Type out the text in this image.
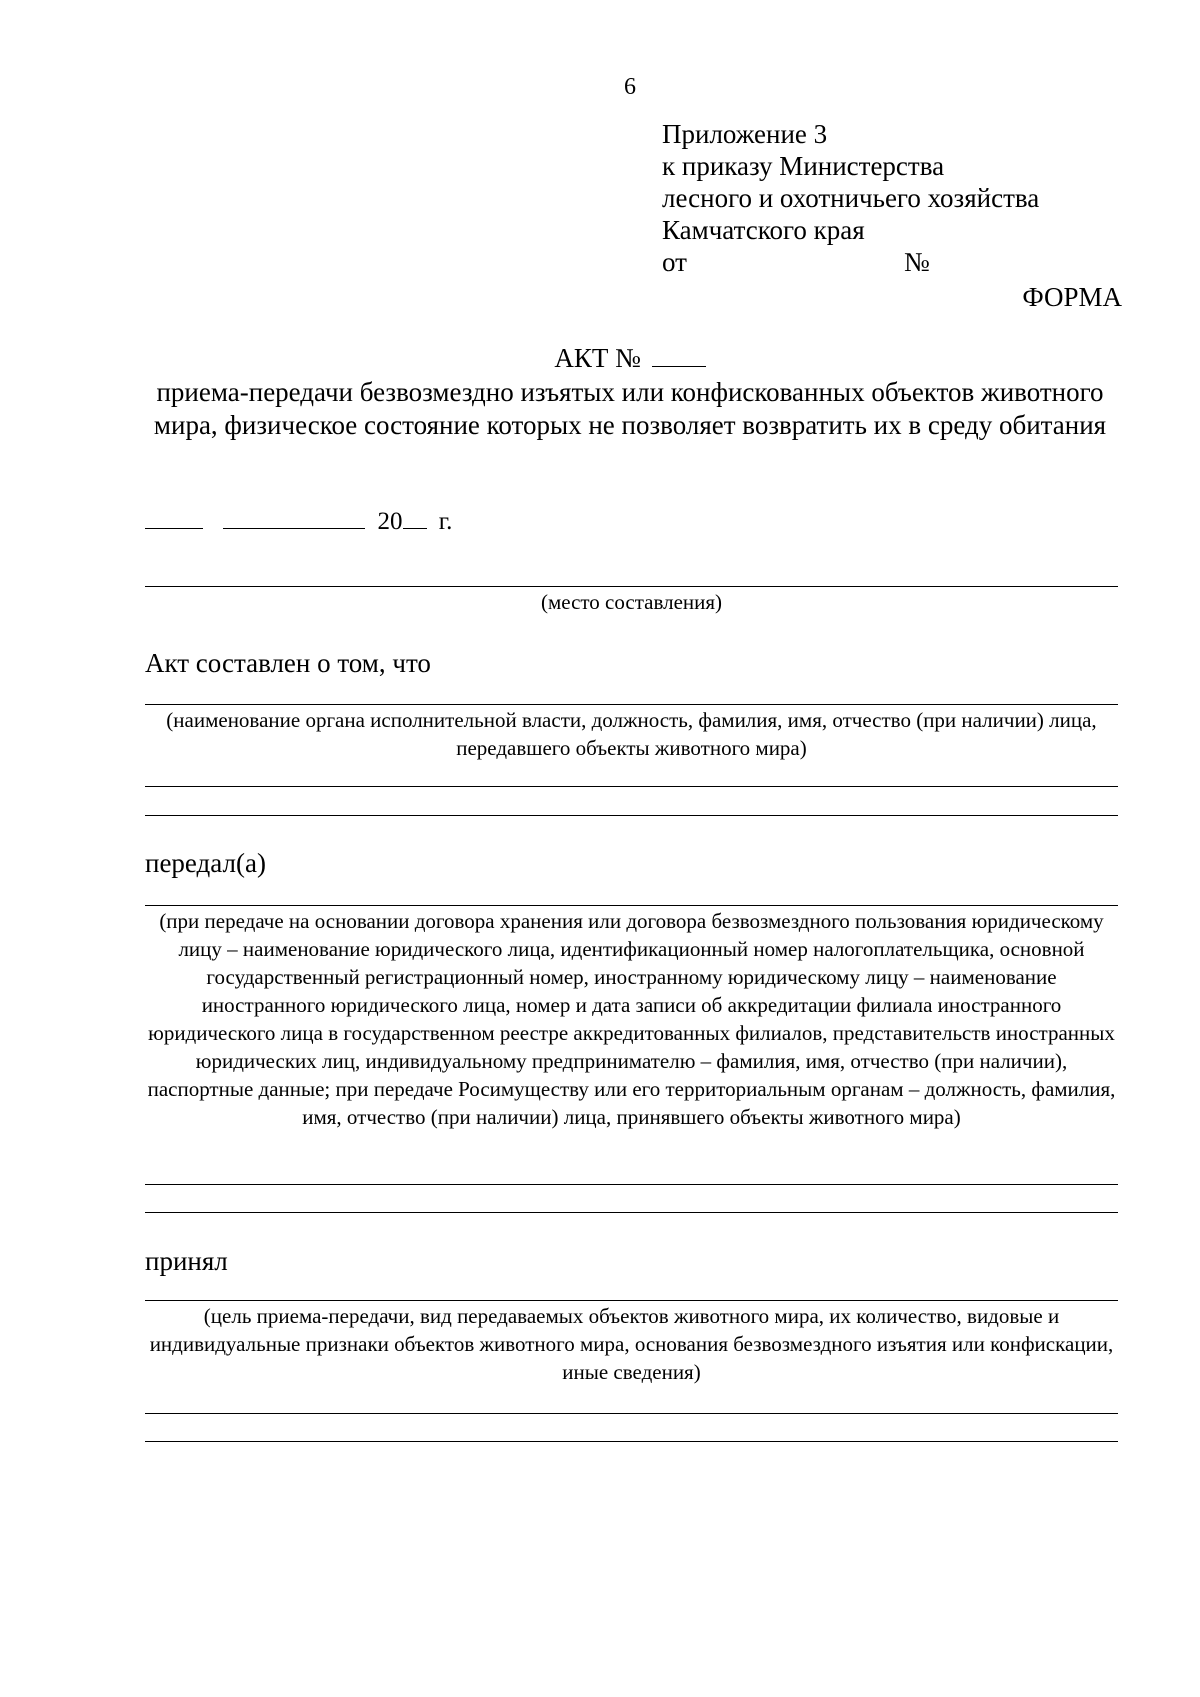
6
Приложение 3
к приказу Министерства
лесного и охотничьего хозяйства
Камчатского края
от	№
ФОРМА
АКТ №
приема-передачи безвозмездно изъятых или конфискованных объектов животного мира, физическое состояние которых не позволяет возвратить их в среду обитания
20 г.
(место составления)
Акт составлен о том, что
(наименование органа исполнительной власти, должность, фамилия, имя, отчество (при наличии) лица, передавшего объекты животного мира)
передал(а)
(при передаче на основании договора хранения или договора безвозмездного пользования юридическому лицу – наименование юридического лица, идентификационный номер налогоплательщика, основной государственный регистрационный номер, иностранному юридическому лицу – наименование иностранного юридического лица, номер и дата записи об аккредитации филиала иностранного юридического лица в государственном реестре аккредитованных филиалов, представительств иностранных юридических лиц, индивидуальному предпринимателю – фамилия, имя, отчество (при наличии), паспортные данные; при передаче Росимуществу или его территориальным органам – должность, фамилия, имя, отчество (при наличии) лица, принявшего объекты животного мира)
принял
(цель приема-передачи, вид передаваемых объектов животного мира, их количество, видовые и индивидуальные признаки объектов животного мира, основания безвозмездного изъятия или конфискации, иные сведения)
